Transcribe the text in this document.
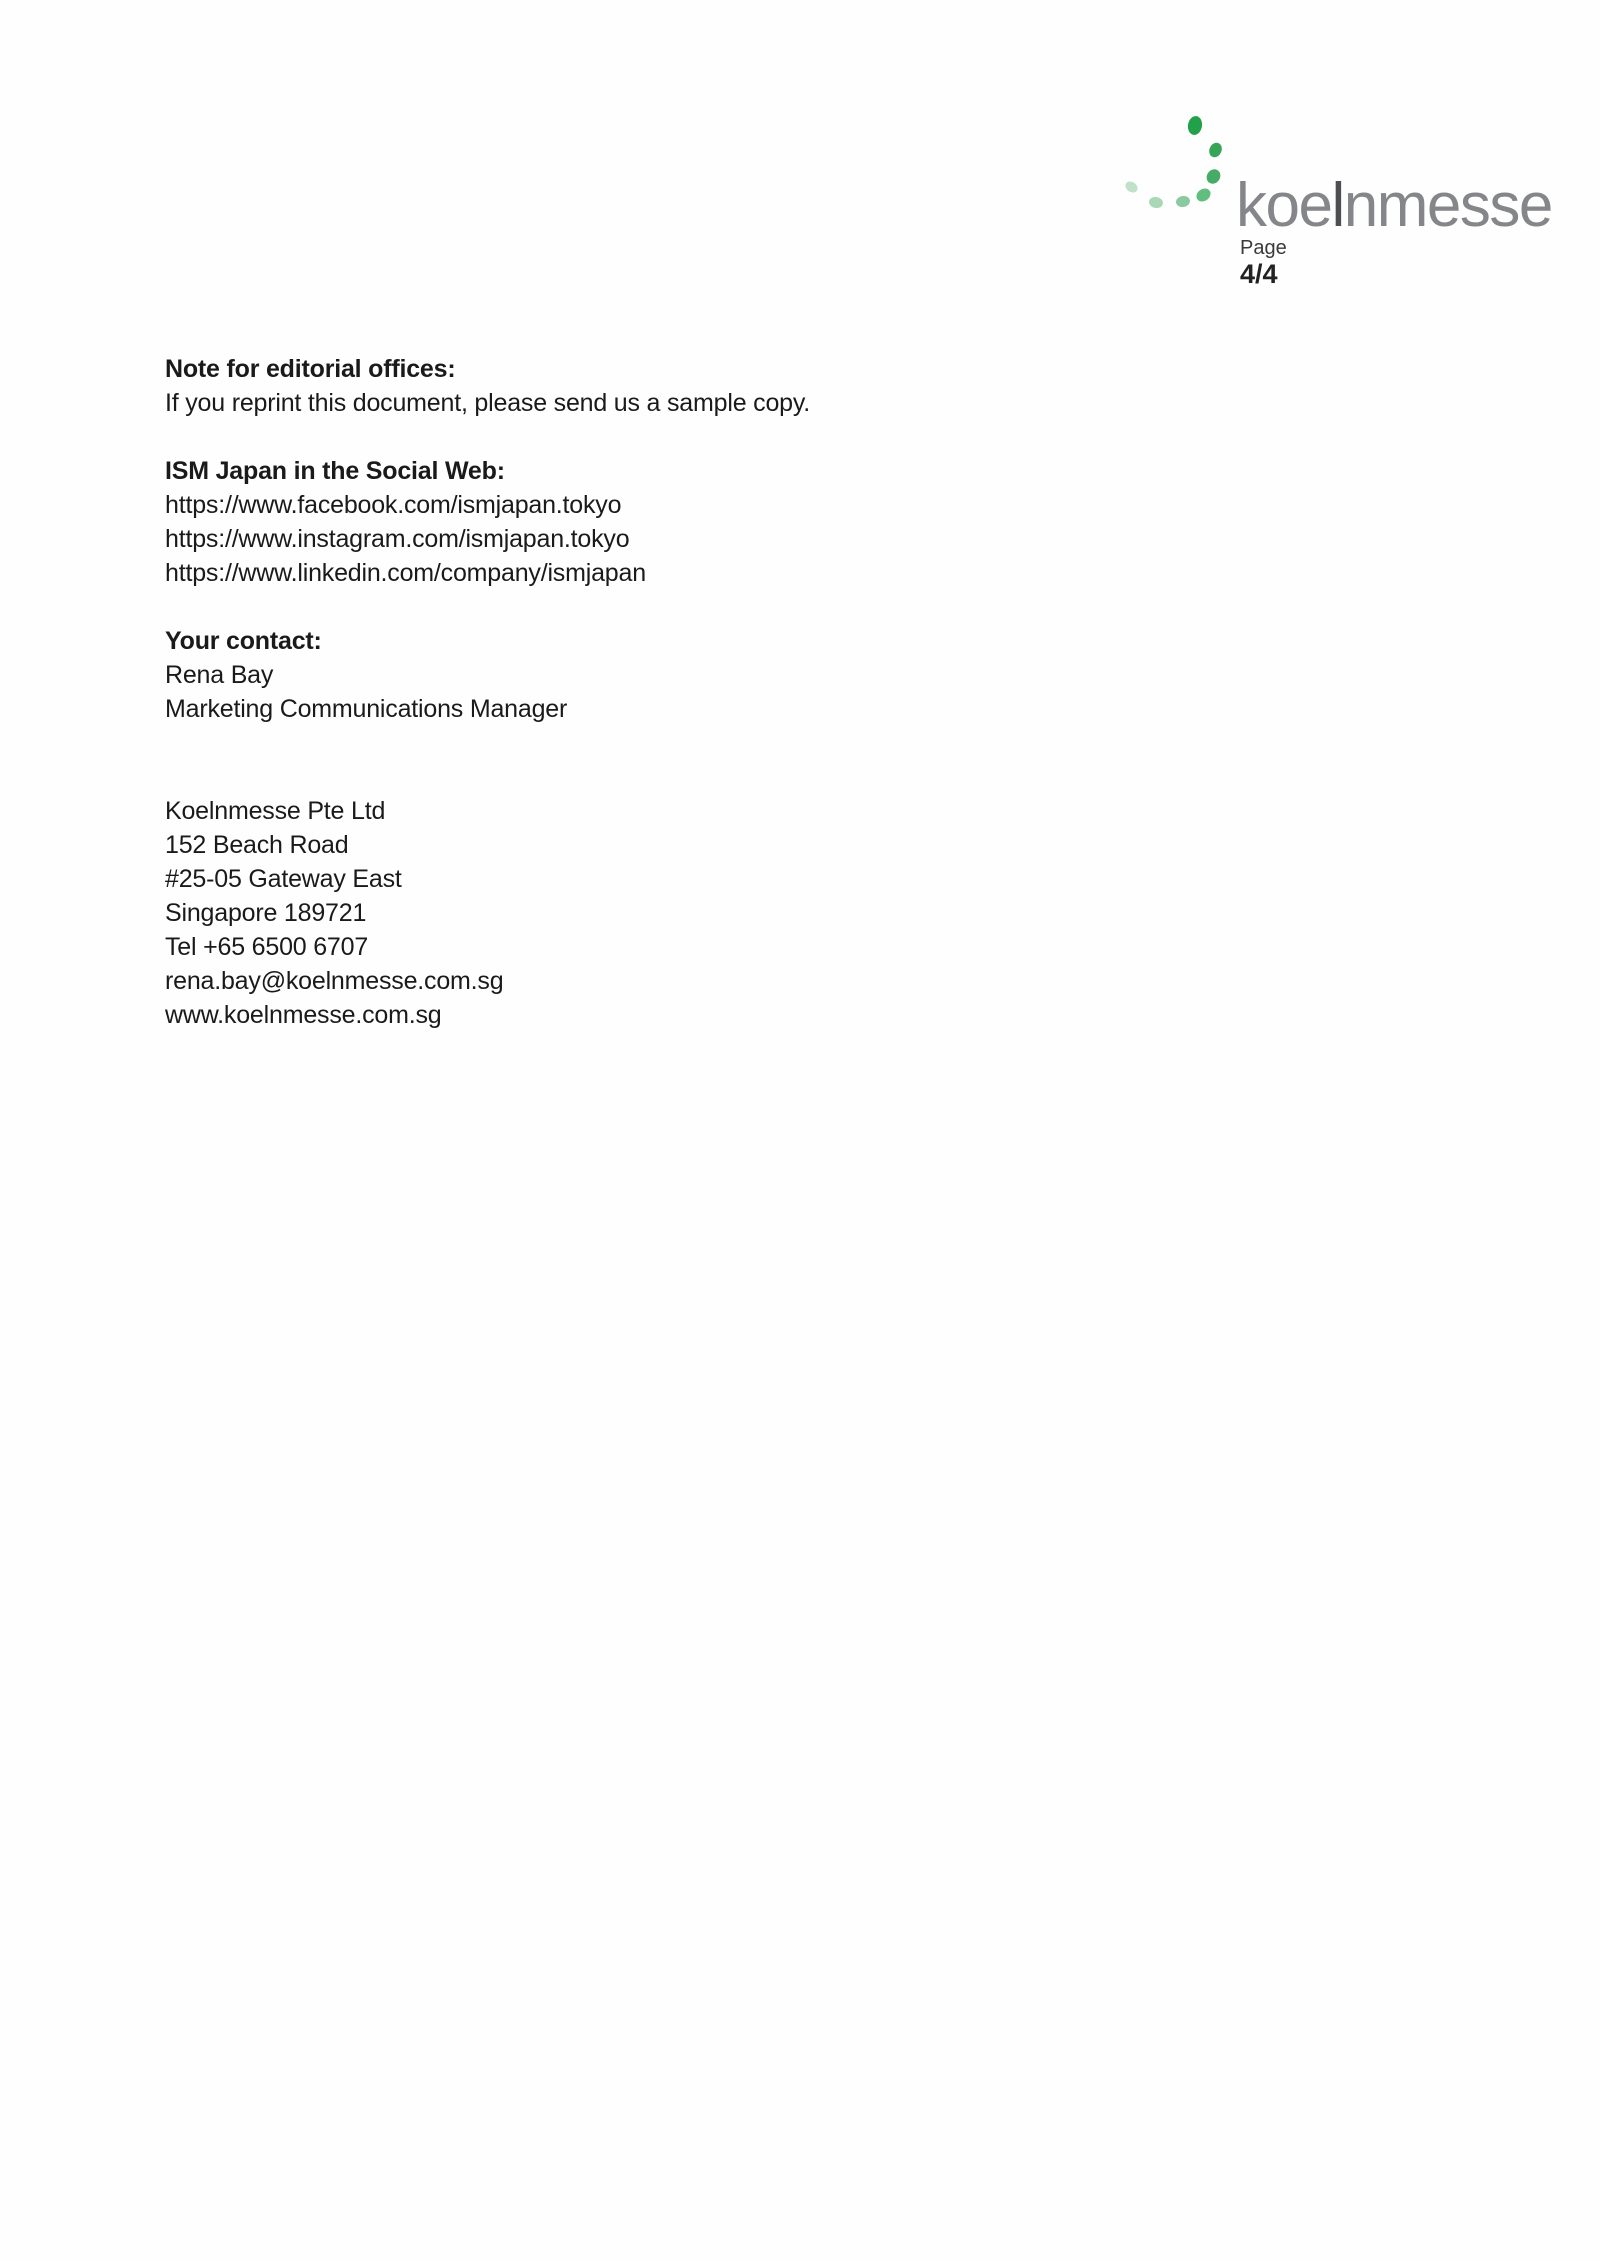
koelnmesse
Page
4/4

Note for editorial offices:

If you reprint this document, please send us a sample copy.

ISM Japan in the Social Web:

https://www.facebook.com/ismjapan.tokyo

https://www.instagram.com/ismjapan.tokyo

https://www.linkedin.com/company/ismjapan

Your contact:

Rena Bay

Marketing Communications Manager

Koelnmesse Pte Ltd

152 Beach Road

#25-05 Gateway East

Singapore 189721

Tel +65 6500 6707

rena.bay@koelnmesse.com.sg

www.koelnmesse.com.sg
